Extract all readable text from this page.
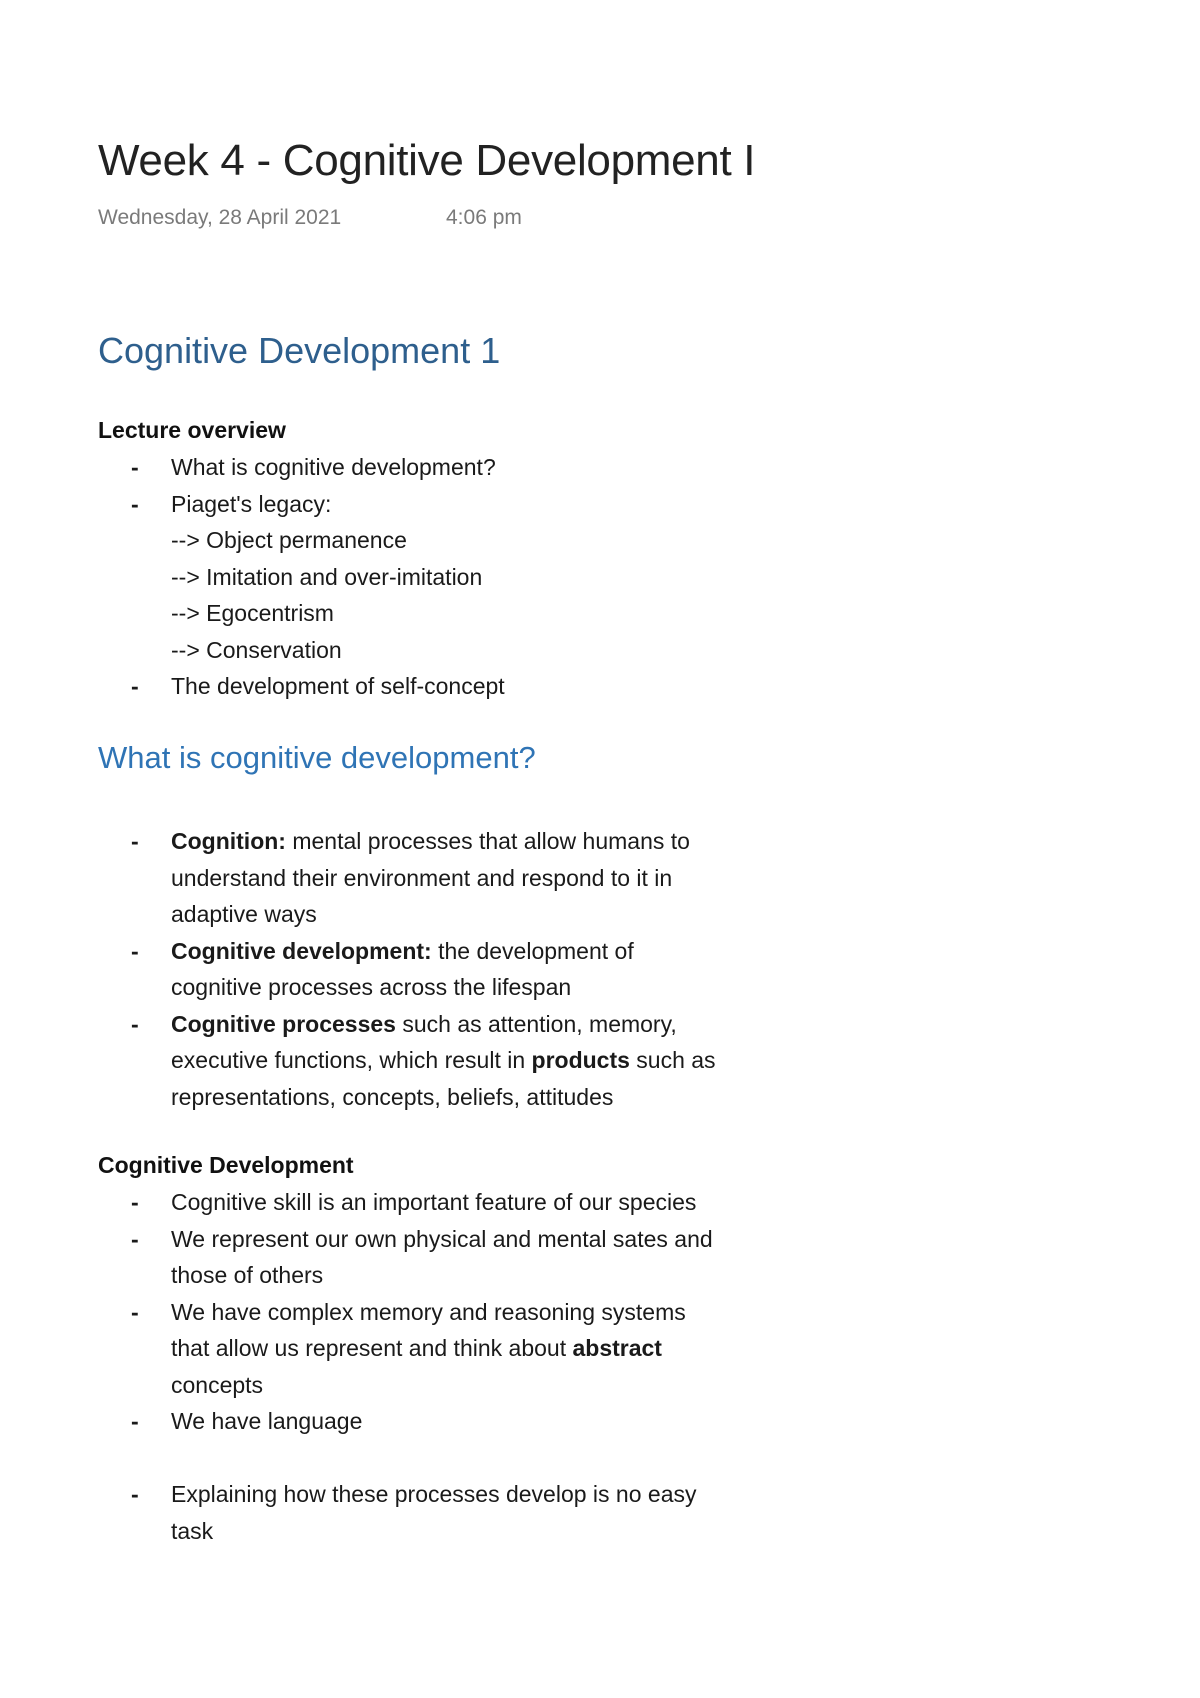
Week 4 - Cognitive Development I
Wednesday, 28 April 2021	4:06 pm
Cognitive Development 1
Lecture overview
- What is cognitive development?
- Piaget's legacy:
--> Object permanence
--> Imitation and over-imitation
--> Egocentrism
--> Conservation
- The development of self-concept
What is cognitive development?
- Cognition: mental processes that allow humans to
understand their environment and respond to it in
adaptive ways
- Cognitive development: the development of
cognitive processes across the lifespan
- Cognitive processes such as attention, memory,
executive functions, which result in products such as
representations, concepts, beliefs, attitudes
Cognitive Development
- Cognitive skill is an important feature of our species
- We represent our own physical and mental sates and
those of others
- We have complex memory and reasoning systems
that allow us represent and think about abstract
concepts
- We have language
- Explaining how these processes develop is no easy
task
